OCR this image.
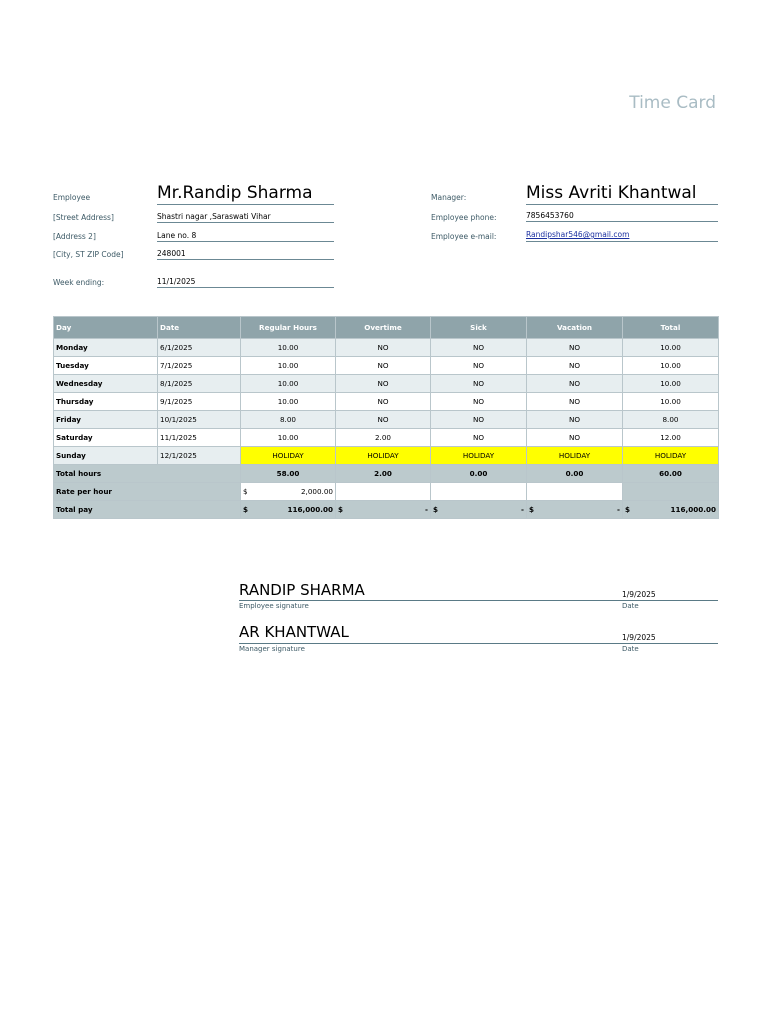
Time Card
Employee	Mr.Randip Sharma
[Street Address]	Shastri nagar ,Saraswati Vihar
[Address 2]	Lane no. 8
[City, ST ZIP Code]	248001
Week ending:	11/1/2025
Manager:	Miss Avriti Khantwal
Employee phone:	7856453760
Employee e-mail:	Randipshar546@gmail.com
Day	Date	Regular Hours	Overtime	Sick	Vacation	Total
Monday	6/1/2025	10.00	NO	NO	NO	10.00
Tuesday	7/1/2025	10.00	NO	NO	NO	10.00
Wednesday	8/1/2025	10.00	NO	NO	NO	10.00
Thursday	9/1/2025	10.00	NO	NO	NO	10.00
Friday	10/1/2025	8.00	NO	NO	NO	8.00
Saturday	11/1/2025	10.00	2.00	NO	NO	12.00
Sunday	12/1/2025	HOLIDAY	HOLIDAY	HOLIDAY	HOLIDAY	HOLIDAY
Total hours		58.00	2.00	0.00	0.00	60.00
Rate per hour		$ 2,000.00				

Total pay		$ 116,000.00	$ -	$ -	$ -	$ 116,000.00
RANDIP SHARMA	1/9/2025
Employee signature	Date
AR KHANTWAL	1/9/2025
Manager signature	Date
